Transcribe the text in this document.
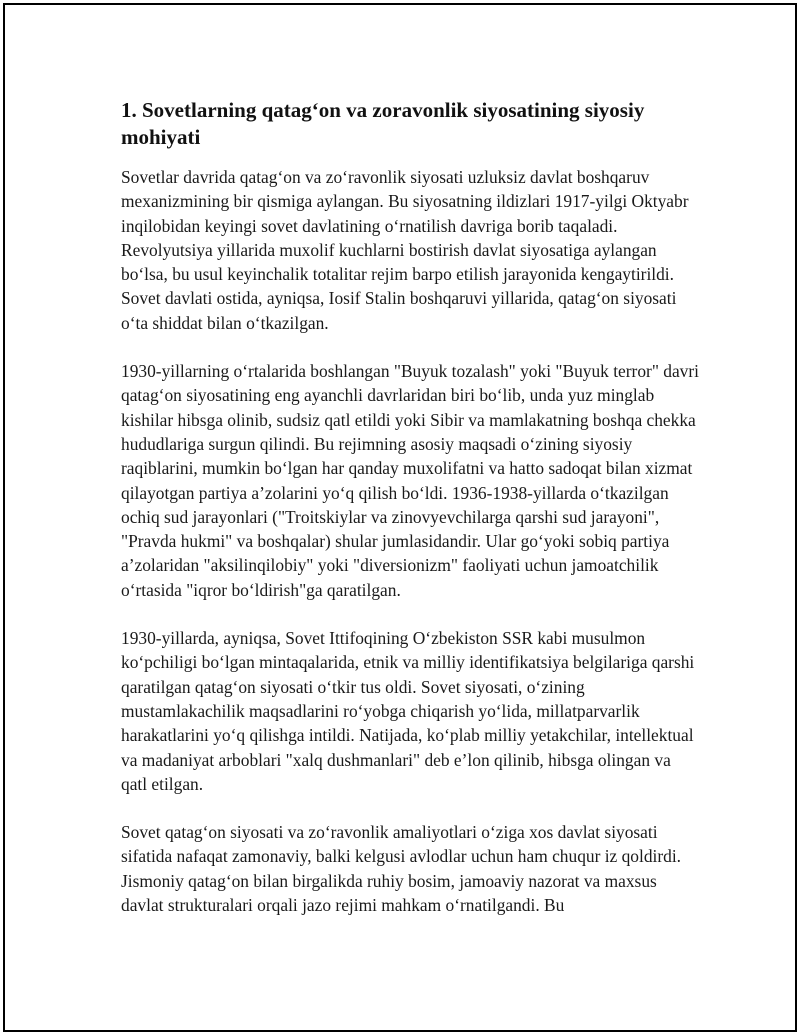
1. Sovetlarning qatag‘on va zoravonlik siyosatining siyosiy mohiyati

Sovetlar davrida qatag‘on va zo‘ravonlik siyosati uzluksiz davlat boshqaruv mexanizmining bir qismiga aylangan. Bu siyosatning ildizlari 1917-yilgi Oktyabr inqilobidan keyingi sovet davlatining o‘rnatilish davriga borib taqaladi. Revolyutsiya yillarida muxolif kuchlarni bostirish davlat siyosatiga aylangan bo‘lsa, bu usul keyinchalik totalitar rejim barpo etilish jarayonida kengaytirildi. Sovet davlati ostida, ayniqsa, Iosif Stalin boshqaruvi yillarida, qatag‘on siyosati o‘ta shiddat bilan o‘tkazilgan.

1930-yillarning o‘rtalarida boshlangan "Buyuk tozalash" yoki "Buyuk terror" davri qatag‘on siyosatining eng ayanchli davrlaridan biri bo‘lib, unda yuz minglab kishilar hibsga olinib, sudsiz qatl etildi yoki Sibir va mamlakatning boshqa chekka hududlariga surgun qilindi. Bu rejimning asosiy maqsadi o‘zining siyosiy raqiblarini, mumkin bo‘lgan har qanday muxolifatni va hatto sadoqat bilan xizmat qilayotgan partiya a’zolarini yo‘q qilish bo‘ldi. 1936-1938-yillarda o‘tkazilgan ochiq sud jarayonlari ("Troitskiylar va zinovyevchilarga qarshi sud jarayoni", "Pravda hukmi" va boshqalar) shular jumlasidandir. Ular go‘yoki sobiq partiya a’zolaridan "aksilinqilobiy" yoki "diversionizm" faoliyati uchun jamoatchilik o‘rtasida "iqror bo‘ldirish"ga qaratilgan.

1930-yillarda, ayniqsa, Sovet Ittifoqining O‘zbekiston SSR kabi musulmon ko‘pchiligi bo‘lgan mintaqalarida, etnik va milliy identifikatsiya belgilariga qarshi qaratilgan qatag‘on siyosati o‘tkir tus oldi. Sovet siyosati, o‘zining mustamlakachilik maqsadlarini ro‘yobga chiqarish yo‘lida, millatparvarlik harakatlarini yo‘q qilishga intildi. Natijada, ko‘plab milliy yetakchilar, intellektual va madaniyat arboblari "xalq dushmanlari" deb e’lon qilinib, hibsga olingan va qatl etilgan.

Sovet qatag‘on siyosati va zo‘ravonlik amaliyotlari o‘ziga xos davlat siyosati sifatida nafaqat zamonaviy, balki kelgusi avlodlar uchun ham chuqur iz qoldirdi. Jismoniy qatag‘on bilan birgalikda ruhiy bosim, jamoaviy nazorat va maxsus davlat strukturalari orqali jazo rejimi mahkam o‘rnatilgandi. Bu
